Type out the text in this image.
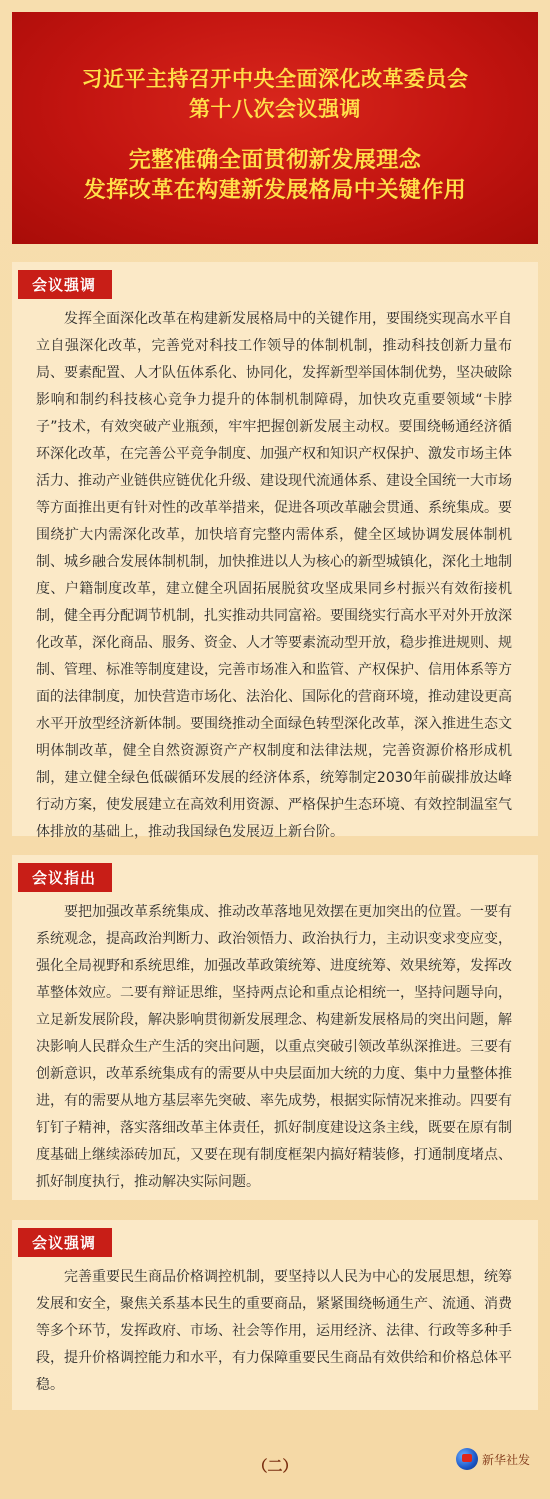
习近平主持召开中央全面深化改革委员会
第十八次会议强调
完整准确全面贯彻新发展理念
发挥改革在构建新发展格局中关键作用
会议强调
发挥全面深化改革在构建新发展格局中的关键作用，要围绕实现高水平自立自强深化改革，完善党对科技工作领导的体制机制，推动科技创新力量布局、要素配置、人才队伍体系化、协同化，发挥新型举国体制优势，坚决破除影响和制约科技核心竞争力提升的体制机制障碍，加快攻克重要领域“卡脖子”技术，有效突破产业瓶颈，牢牢把握创新发展主动权。要围绕畅通经济循环深化改革，在完善公平竞争制度、加强产权和知识产权保护、激发市场主体活力、推动产业链供应链优化升级、建设现代流通体系、建设全国统一大市场等方面推出更有针对性的改革举措来，促进各项改革融会贯通、系统集成。要围绕扩大内需深化改革，加快培育完整内需体系，健全区域协调发展体制机制、城乡融合发展体制机制，加快推进以人为核心的新型城镇化，深化土地制度、户籍制度改革，建立健全巩固拓展脱贫攻坚成果同乡村振兴有效衔接机制，健全再分配调节机制，扎实推动共同富裕。要围绕实行高水平对外开放深化改革，深化商品、服务、资金、人才等要素流动型开放，稳步推进规则、规制、管理、标准等制度建设，完善市场准入和监管、产权保护、信用体系等方面的法律制度，加快营造市场化、法治化、国际化的营商环境，推动建设更高水平开放型经济新体制。要围绕推动全面绿色转型深化改革，深入推进生态文明体制改革，健全自然资源资产产权制度和法律法规，完善资源价格形成机制，建立健全绿色低碳循环发展的经济体系，统筹制定2030年前碳排放达峰行动方案，使发展建立在高效利用资源、严格保护生态环境、有效控制温室气体排放的基础上，推动我国绿色发展迈上新台阶。
会议指出
要把加强改革系统集成、推动改革落地见效摆在更加突出的位置。一要有系统观念，提高政治判断力、政治领悟力、政治执行力，主动识变求变应变，强化全局视野和系统思维，加强改革政策统筹、进度统筹、效果统筹，发挥改革整体效应。二要有辩证思维，坚持两点论和重点论相统一，坚持问题导向，立足新发展阶段，解决影响贯彻新发展理念、构建新发展格局的突出问题，解决影响人民群众生产生活的突出问题，以重点突破引领改革纵深推进。三要有创新意识，改革系统集成有的需要从中央层面加大统的力度、集中力量整体推进，有的需要从地方基层率先突破、率先成势，根据实际情况来推动。四要有钉钉子精神，落实落细改革主体责任，抓好制度建设这条主线，既要在原有制度基础上继续添砖加瓦，又要在现有制度框架内搞好精装修，打通制度堵点、抓好制度执行，推动解决实际问题。
会议强调
完善重要民生商品价格调控机制，要坚持以人民为中心的发展思想，统筹发展和安全，聚焦关系基本民生的重要商品，紧紧围绕畅通生产、流通、消费等多个环节，发挥政府、市场、社会等作用，运用经济、法律、行政等多种手段，提升价格调控能力和水平，有力保障重要民生商品有效供给和价格总体平稳。
（二）	新华社发
